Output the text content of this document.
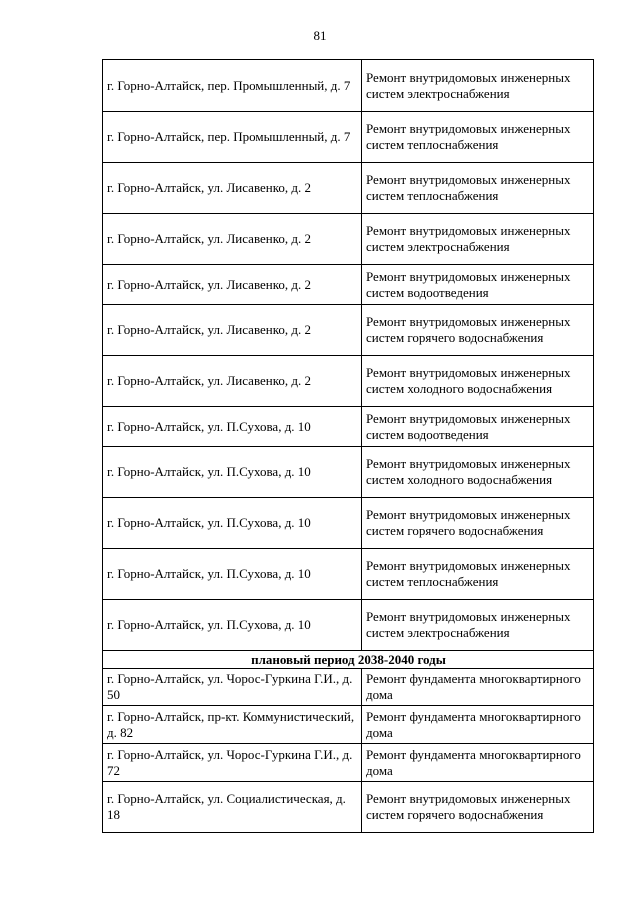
81
г. Горно-Алтайск, пер. Промышленный, д. 7	Ремонт внутридомовых инженерных систем электроснабжения
г. Горно-Алтайск, пер. Промышленный, д. 7	Ремонт внутридомовых инженерных систем теплоснабжения
г. Горно-Алтайск, ул. Лисавенко, д. 2	Ремонт внутридомовых инженерных систем теплоснабжения
г. Горно-Алтайск, ул. Лисавенко, д. 2	Ремонт внутридомовых инженерных систем электроснабжения
г. Горно-Алтайск, ул. Лисавенко, д. 2	Ремонт внутридомовых инженерных систем водоотведения
г. Горно-Алтайск, ул. Лисавенко, д. 2	Ремонт внутридомовых инженерных систем горячего водоснабжения
г. Горно-Алтайск, ул. Лисавенко, д. 2	Ремонт внутридомовых инженерных систем холодного водоснабжения
г. Горно-Алтайск, ул. П.Сухова, д. 10	Ремонт внутридомовых инженерных систем водоотведения
г. Горно-Алтайск, ул. П.Сухова, д. 10	Ремонт внутридомовых инженерных систем холодного водоснабжения
г. Горно-Алтайск, ул. П.Сухова, д. 10	Ремонт внутридомовых инженерных систем горячего водоснабжения
г. Горно-Алтайск, ул. П.Сухова, д. 10	Ремонт внутридомовых инженерных систем теплоснабжения
г. Горно-Алтайск, ул. П.Сухова, д. 10	Ремонт внутридомовых инженерных систем электроснабжения
плановый период 2038-2040 годы	
г. Горно-Алтайск, ул. Чорос-Гуркина Г.И., д. 50	Ремонт фундамента многоквартирного дома
г. Горно-Алтайск, пр-кт. Коммунистический, д. 82	Ремонт фундамента многоквартирного дома
г. Горно-Алтайск, ул. Чорос-Гуркина Г.И., д. 72	Ремонт фундамента многоквартирного дома
г. Горно-Алтайск, ул. Социалистическая, д. 18	Ремонт внутридомовых инженерных систем горячего водоснабжения
